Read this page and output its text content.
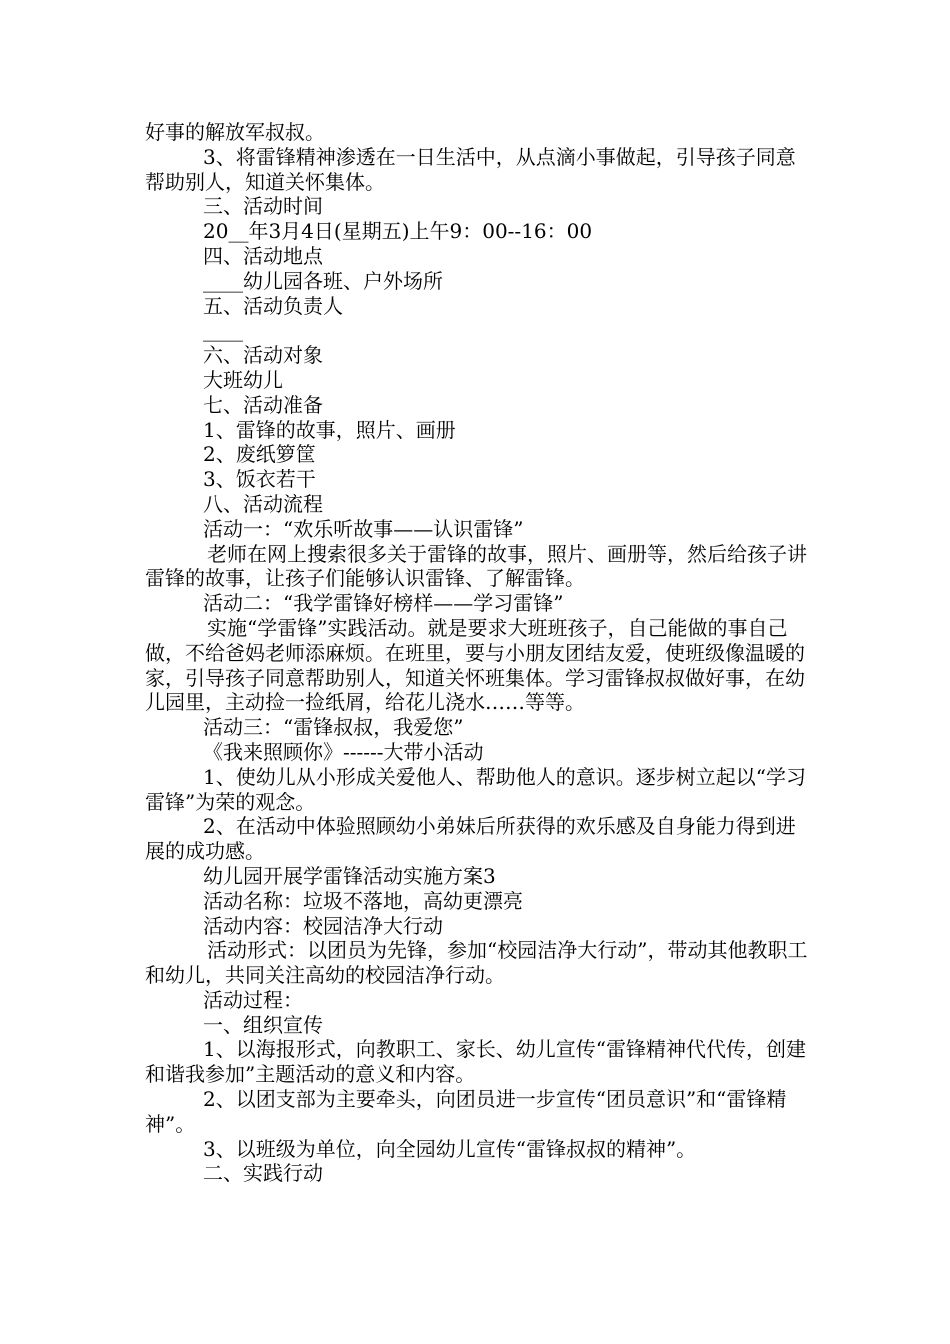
好事的解放军叔叔。

3、将雷锋精神渗透在一日生活中，从点滴小事做起，引导孩子同意帮助别人，知道关怀集体。

三、活动时间

20__年3月4日(星期五)上午9：00--16：00

四、活动地点

____幼儿园各班、户外场所

五、活动负责人

____

六、活动对象

大班幼儿

七、活动准备

1、雷锋的故事，照片、画册

2、废纸箩筐

3、饭衣若干

八、活动流程

活动一：“欢乐听故事——认识雷锋”

老师在网上搜索很多关于雷锋的故事，照片、画册等，然后给孩子讲雷锋的故事，让孩子们能够认识雷锋、了解雷锋。

活动二：“我学雷锋好榜样——学习雷锋”

实施“学雷锋”实践活动。就是要求大班班孩子，自己能做的事自己做，不给爸妈老师添麻烦。在班里，要与小朋友团结友爱，使班级像温暖的家，引导孩子同意帮助别人，知道关怀班集体。学习雷锋叔叔做好事，在幼儿园里，主动捡一捡纸屑，给花儿浇水……等等。

活动三：“雷锋叔叔，我爱您”

《我来照顾你》------大带小活动

1、使幼儿从小形成关爱他人、帮助他人的意识。逐步树立起以“学习雷锋”为荣的观念。

2、在活动中体验照顾幼小弟妹后所获得的欢乐感及自身能力得到进展的成功感。

幼儿园开展学雷锋活动实施方案3

活动名称：垃圾不落地，高幼更漂亮

活动内容：校园洁净大行动

活动形式：以团员为先锋，参加“校园洁净大行动”，带动其他教职工和幼儿，共同关注高幼的校园洁净行动。

活动过程：

一、组织宣传

1、以海报形式，向教职工、家长、幼儿宣传“雷锋精神代代传，创建和谐我参加”主题活动的意义和内容。

2、以团支部为主要牵头，向团员进一步宣传“团员意识”和“雷锋精神”。

3、以班级为单位，向全园幼儿宣传“雷锋叔叔的精神”。

二、实践行动
